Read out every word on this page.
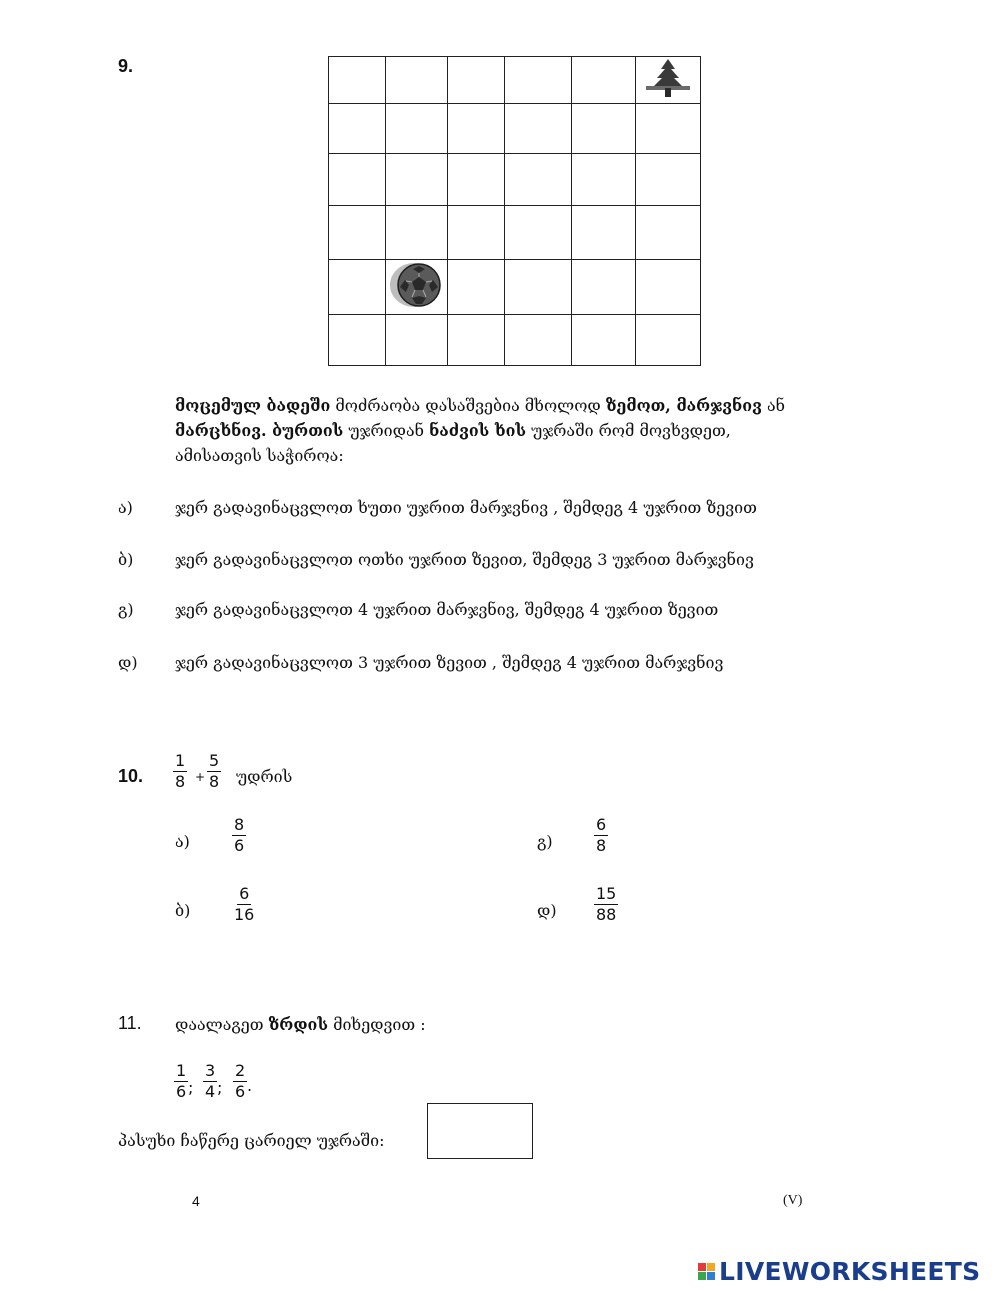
9.

მოცემულ ბადეში მოძრაობა დასაშვებია მხოლოდ ზემოთ, მარჯვნივ ან
მარცხნივ. ბურთის უჯრიდან ნაძვის ხის უჯრაში რომ მოვხვდეთ,
ამისათვის საჭიროა:
ა)	ჯერ გადავინაცვლოთ ხუთი უჯრით მარჯვნივ , შემდეგ 4 უჯრით ზევით
ბ)	ჯერ გადავინაცვლოთ ოთხი უჯრით ზევით, შემდეგ 3 უჯრით მარჯვნივ
გ)	ჯერ გადავინაცვლოთ 4 უჯრით მარჯვნივ, შემდეგ 4 უჯრით ზევით
დ) ჯერ გადავინაცვლოთ 3 უჯრით ზევით , შემდეგ 4 უჯრით მარჯვნივ
10. $\frac{1}{8} + \frac{5}{8}$ უდრის
ა)	$\frac{8}{6}$	გ)	$\frac{6}{8}$
ბ)	$\frac{6}{16}$	დ) $\frac{15}{88}$
11. დაალაგეთ ზრდის მიხედვით :
$\frac{1}{6}$ ; $\frac{3}{4}$ ; $\frac{2}{6}$ .
პასუხი ჩაწერე ცარიელ უჯრაში:
4	(V)
LIVEWORKSHEETS
